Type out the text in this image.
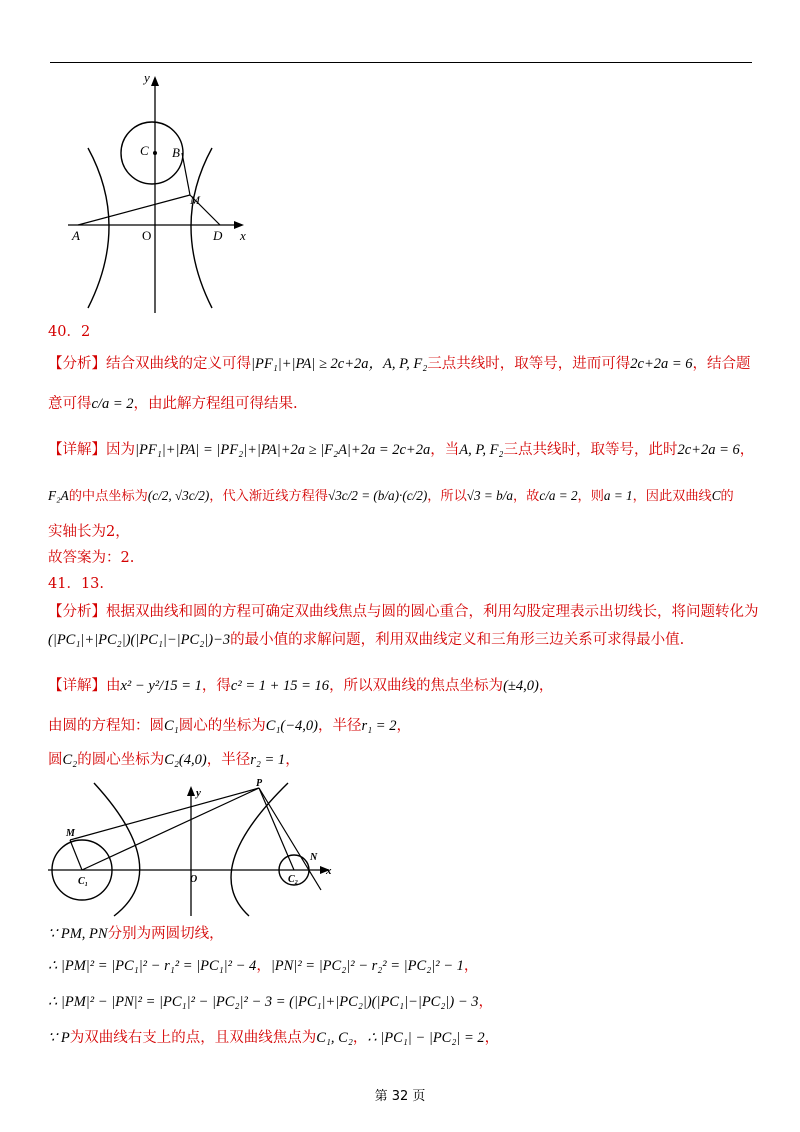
y
C B
M
A	O	D x
40．2
【分析】结合双曲线的定义可得|PF₁|+|PA| ≥ 2c+2a，A, P, F₂三点共线时，取等号，进而可得2c+2a = 6，结合题
意可得c/a = 2，由此解方程组可得结果.
【详解】因为|PF₁|+|PA| = |PF₂|+|PA|+2a ≥ |F₂A|+2a = 2c+2a，当A, P, F₂三点共线时，取等号，此时2c+2a = 6，
F₂A的中点坐标为(c/2, √3c/2)，代入渐近线方程得√3c/2 = (b/a)·(c/2)，所以√3 = b/a，故c/a = 2，则a = 1，因此双曲线C的
实轴长为2，
故答案为：2.
41．13.
【分析】根据双曲线和圆的方程可确定双曲线焦点与圆的圆心重合，利用勾股定理表示出切线长，将问题转化为
(|PC₁|+|PC₂|)(|PC₁|−|PC₂|)−3的最小值的求解问题，利用双曲线定义和三角形三边关系可求得最小值.
【详解】由x² − y²/15 = 1，得c² = 1 + 15 = 16，所以双曲线的焦点坐标为(±4,0)，
由圆的方程知：圆C₁圆心的坐标为C₁(−4,0)，半径r₁ = 2，
圆C₂的圆心坐标为C₂(4,0)，半径r₂ = 1，
y
P
M
N
C₁	O	C₂
x
∵ PM, PN分别为两圆切线，
∴ |PM|² = |PC₁|² − r₁² = |PC₁|² − 4，|PN|² = |PC₂|² − r₂² = |PC₂|² − 1，
∴ |PM|² − |PN|² = |PC₁|² − |PC₂|² − 3 = (|PC₁|+|PC₂|)(|PC₁|−|PC₂|) − 3，
∵ P为双曲线右支上的点，且双曲线焦点为C₁, C₂，∴ |PC₁| − |PC₂| = 2，
第 32 页
